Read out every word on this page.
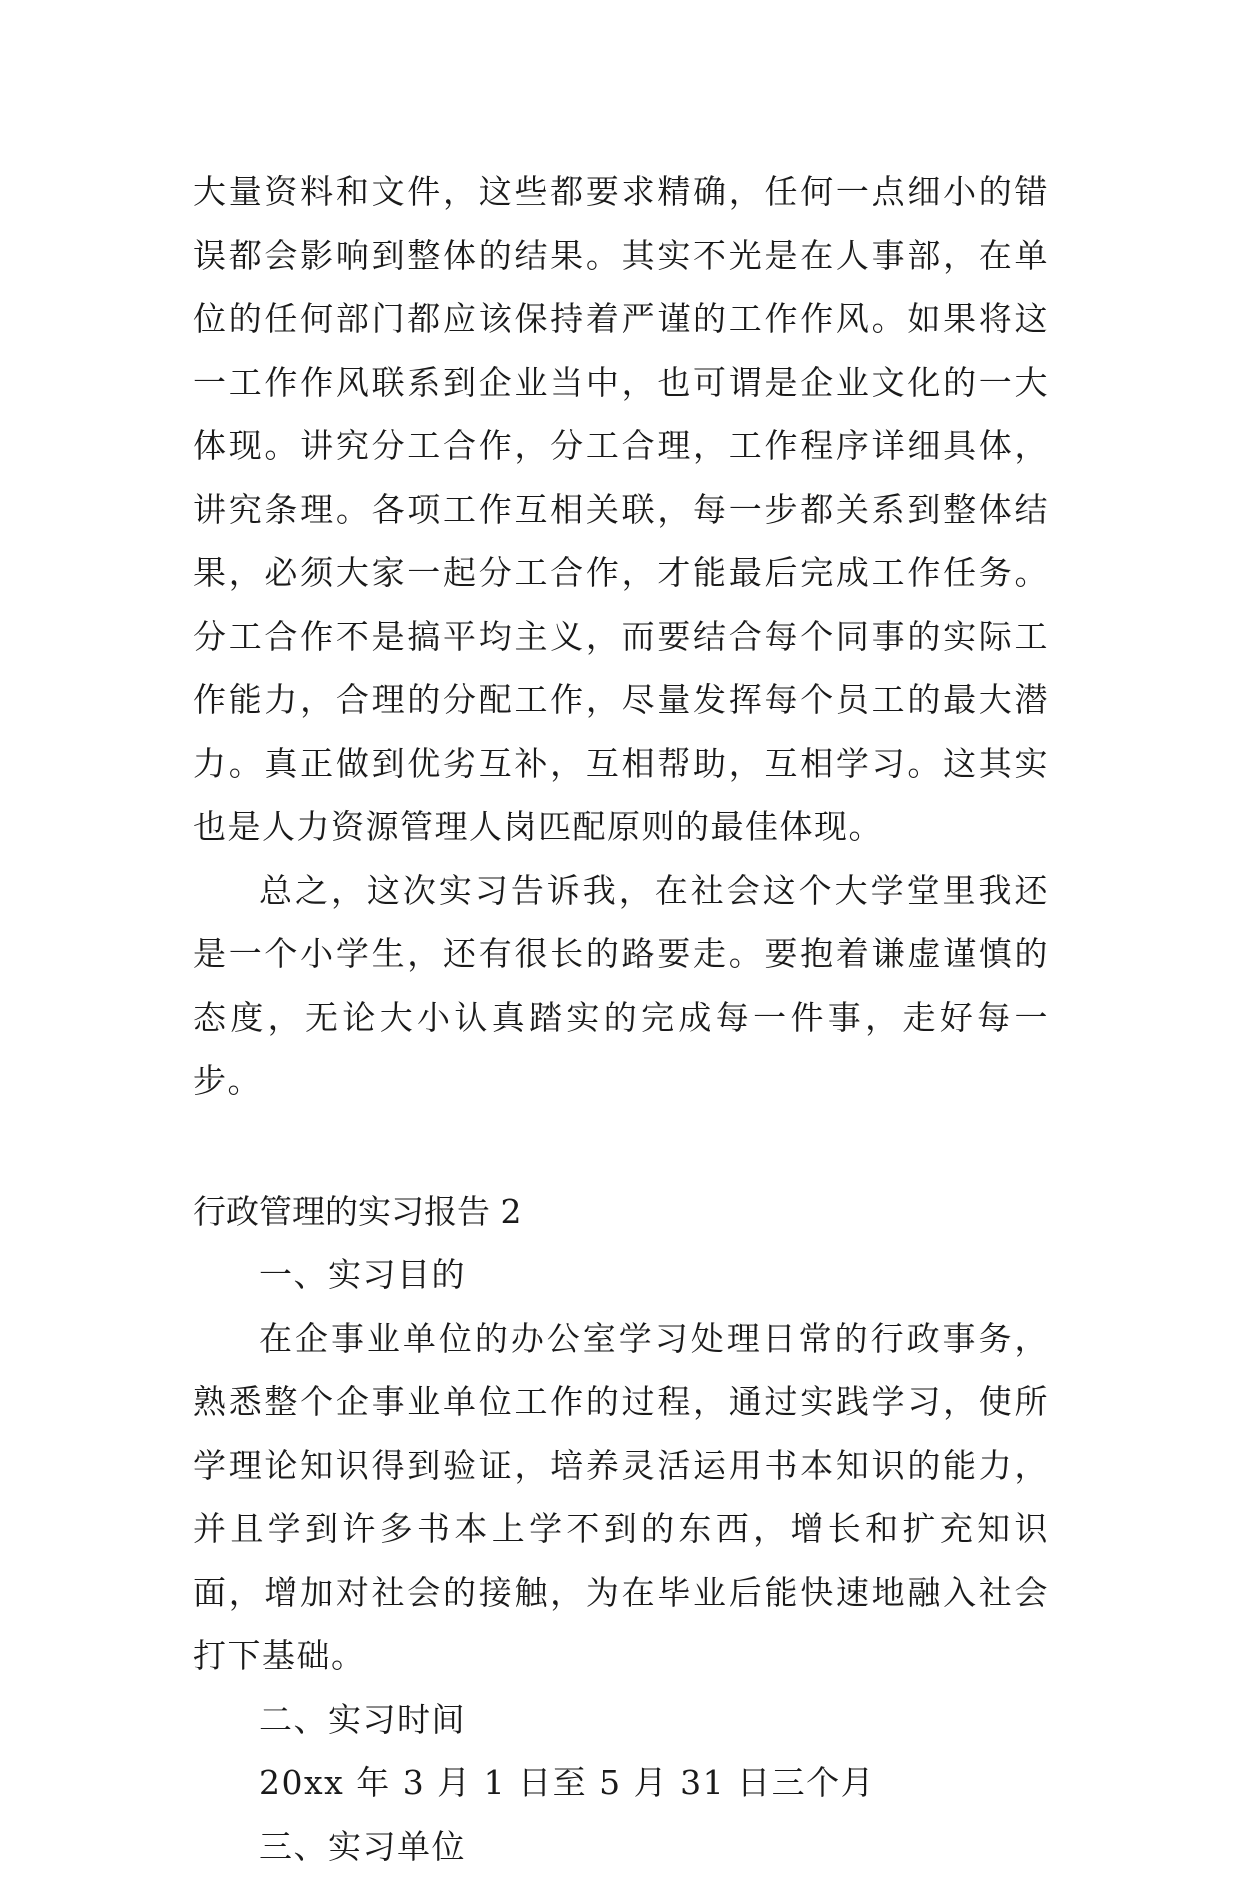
大量资料和文件，这些都要求精确，任何一点细小的错误都会影响到整体的结果。其实不光是在人事部，在单位的任何部门都应该保持着严谨的工作作风。如果将这一工作作风联系到企业当中，也可谓是企业文化的一大体现。讲究分工合作，分工合理，工作程序详细具体，讲究条理。各项工作互相关联，每一步都关系到整体结果，必须大家一起分工合作，才能最后完成工作任务。分工合作不是搞平均主义，而要结合每个同事的实际工作能力，合理的分配工作，尽量发挥每个员工的最大潜力。真正做到优劣互补，互相帮助，互相学习。这其实也是人力资源管理人岗匹配原则的最佳体现。

总之，这次实习告诉我，在社会这个大学堂里我还是一个小学生，还有很长的路要走。要抱着谦虚谨慎的态度，无论大小认真踏实的完成每一件事，走好每一步。

行政管理的实习报告 2

一、实习目的

在企事业单位的办公室学习处理日常的行政事务，熟悉整个企事业单位工作的过程，通过实践学习，使所学理论知识得到验证，培养灵活运用书本知识的能力，并且学到许多书本上学不到的东西，增长和扩充知识面，增加对社会的接触，为在毕业后能快速地融入社会打下基础。

二、实习时间

20xx 年 3 月 1 日至 5 月 31 日三个月

三、实习单位
